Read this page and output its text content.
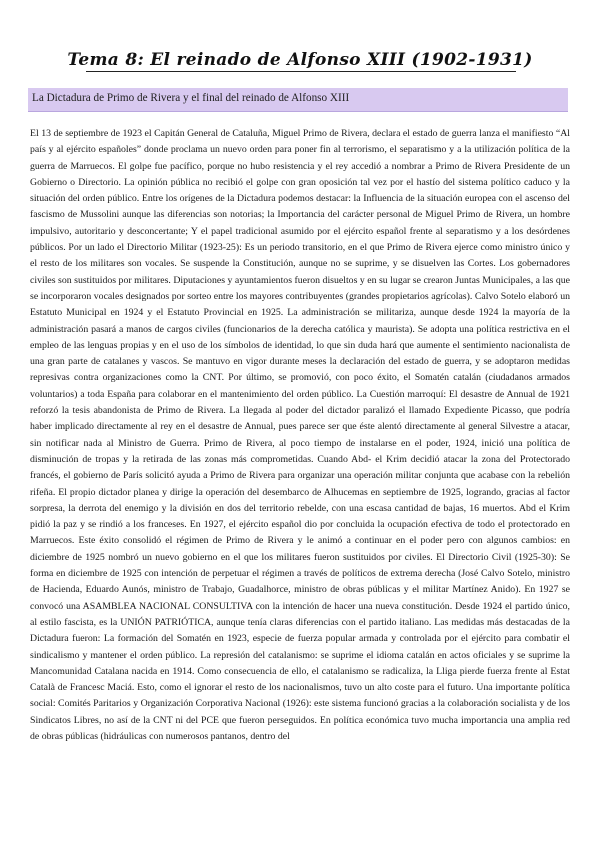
Tema 8: El reinado de Alfonso XIII (1902-1931)
La Dictadura de Primo de Rivera y el final del reinado de Alfonso XIII

El 13 de septiembre de 1923 el Capitán General de Cataluña, Miguel Primo de Rivera, declara el estado de guerra lanza el manifiesto “Al país y al ejército españoles” donde proclama un nuevo orden para poner fin al terrorismo, el separatismo y a la utilización política de la guerra de Marruecos. El golpe fue pacífico, porque no hubo resistencia y el rey accedió a nombrar a Primo de Rivera Presidente de un Gobierno o Directorio. La opinión pública no recibió el golpe con gran oposición tal vez por el hastío del sistema político caduco y la situación del orden público. Entre los orígenes de la Dictadura podemos destacar: la Influencia de la situación europea con el ascenso del fascismo de Mussolini aunque las diferencias son notorias; la Importancia del carácter personal de Miguel Primo de Rivera, un hombre impulsivo, autoritario y desconcertante; Y el papel tradicional asumido por el ejército español frente al separatismo y a los desórdenes públicos. Por un lado el Directorio Militar (1923-25): Es un periodo transitorio, en el que Primo de Rivera ejerce como ministro único y el resto de los militares son vocales. Se suspende la Constitución, aunque no se suprime, y se disuelven las Cortes. Los gobernadores civiles son sustituidos por militares. Diputaciones y ayuntamientos fueron disueltos y en su lugar se crearon Juntas Municipales, a las que se incorporaron vocales designados por sorteo entre los mayores contribuyentes (grandes propietarios agrícolas). Calvo Sotelo elaboró un Estatuto Municipal en 1924 y el Estatuto Provincial en 1925. La administración se militariza, aunque desde 1924 la mayoría de la administración pasará a manos de cargos civiles (funcionarios de la derecha católica y maurista). Se adopta una política restrictiva en el empleo de las lenguas propias y en el uso de los símbolos de identidad, lo que sin duda hará que aumente el sentimiento nacionalista de una gran parte de catalanes y vascos. Se mantuvo en vigor durante meses la declaración del estado de guerra, y se adoptaron medidas represivas contra organizaciones como la CNT. Por último, se promovió, con poco éxito, el Somatén catalán (ciudadanos armados voluntarios) a toda España para colaborar en el mantenimiento del orden público. La Cuestión marroquí: El desastre de Annual de 1921 reforzó la tesis abandonista de Primo de Rivera. La llegada al poder del dictador paralizó el llamado Expediente Picasso, que podría haber implicado directamente al rey en el desastre de Annual, pues parece ser que éste alentó directamente al general Silvestre a atacar, sin notificar nada al Ministro de Guerra. Primo de Rivera, al poco tiempo de instalarse en el poder, 1924, inició una política de disminución de tropas y la retirada de las zonas más comprometidas. Cuando Abd- el Krim decidió atacar la zona del Protectorado francés, el gobierno de París solicitó ayuda a Primo de Rivera para organizar una operación militar conjunta que acabase con la rebelión rifeña. El propio dictador planea y dirige la operación del desembarco de Alhucemas en septiembre de 1925, logrando, gracias al factor sorpresa, la derrota del enemigo y la división en dos del territorio rebelde, con una escasa cantidad de bajas, 16 muertos. Abd el Krim pidió la paz y se rindió a los franceses. En 1927, el ejército español dio por concluida la ocupación efectiva de todo el protectorado en Marruecos. Este éxito consolidó el régimen de Primo de Rivera y le animó a continuar en el poder pero con algunos cambios: en diciembre de 1925 nombró un nuevo gobierno en el que los militares fueron sustituidos por civiles. El Directorio Civil (1925-30): Se forma en diciembre de 1925 con intención de perpetuar el régimen a través de políticos de extrema derecha (José Calvo Sotelo, ministro de Hacienda, Eduardo Aunós, ministro de Trabajo, Guadalhorce, ministro de obras públicas y el militar Martínez Anido). En 1927 se convocó una ASAMBLEA NACIONAL CONSULTIVA con la intención de hacer una nueva constitución. Desde 1924 el partido único, al estilo fascista, es la UNIÓN PATRIÓTICA, aunque tenía claras diferencias con el partido italiano. Las medidas más destacadas de la Dictadura fueron: La formación del Somatén en 1923, especie de fuerza popular armada y controlada por el ejército para combatir el sindicalismo y mantener el orden público. La represión del catalanismo: se suprime el idioma catalán en actos oficiales y se suprime la Mancomunidad Catalana nacida en 1914. Como consecuencia de ello, el catalanismo se radicaliza, la Lliga pierde fuerza frente al Estat Català de Francesc Maciá. Esto, como el ignorar el resto de los nacionalismos, tuvo un alto coste para el futuro. Una importante política social: Comités Paritarios y Organización Corporativa Nacional (1926): este sistema funcionó gracias a la colaboración socialista y de los Sindicatos Libres, no así de la CNT ni del PCE que fueron perseguidos. En política económica tuvo mucha importancia una amplia red de obras públicas (hidráulicas con numerosos pantanos, dentro del
